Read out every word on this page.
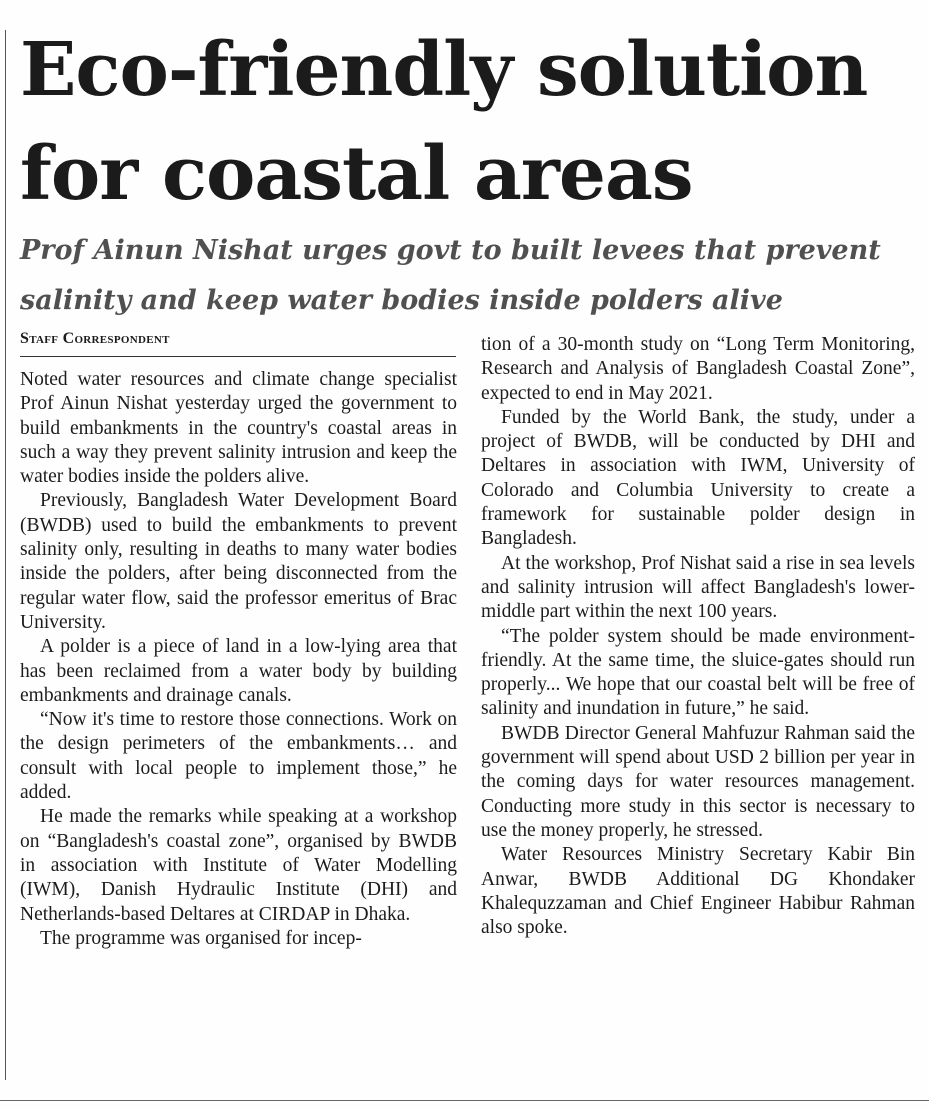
Eco-friendly solution for coastal areas
Prof Ainun Nishat urges govt to built levees that prevent salinity and keep water bodies inside polders alive
Staff Correspondent

Noted water resources and climate change specialist Prof Ainun Nishat yesterday urged the government to build embankments in the country's coastal areas in such a way they prevent salinity intrusion and keep the water bodies inside the polders alive.

Previously, Bangladesh Water Development Board (BWDB) used to build the embankments to prevent salinity only, resulting in deaths to many water bodies inside the polders, after being disconnected from the regular water flow, said the professor emeritus of Brac University.

A polder is a piece of land in a low-lying area that has been reclaimed from a water body by building embankments and drainage canals.

“Now it's time to restore those connections. Work on the design perimeters of the embankments… and consult with local people to implement those,” he added.

He made the remarks while speaking at a workshop on “Bangladesh's coastal zone”, organised by BWDB in association with Institute of Water Modelling (IWM), Danish Hydraulic Institute (DHI) and Netherlands-based Deltares at CIRDAP in Dhaka.

The programme was organised for incep-

tion of a 30-month study on “Long Term Monitoring, Research and Analysis of Bangladesh Coastal Zone”, expected to end in May 2021.

Funded by the World Bank, the study, under a project of BWDB, will be conducted by DHI and Deltares in association with IWM, University of Colorado and Columbia University to create a framework for sustainable polder design in Bangladesh.

At the workshop, Prof Nishat said a rise in sea levels and salinity intrusion will affect Bangladesh's lower-middle part within the next 100 years.

“The polder system should be made environment-friendly. At the same time, the sluice-gates should run properly... We hope that our coastal belt will be free of salinity and inundation in future,” he said.

BWDB Director General Mahfuzur Rahman said the government will spend about USD 2 billion per year in the coming days for water resources management. Conducting more study in this sector is necessary to use the money properly, he stressed.

Water Resources Ministry Secretary Kabir Bin Anwar, BWDB Additional DG Khondaker Khalequzzaman and Chief Engineer Habibur Rahman also spoke.
